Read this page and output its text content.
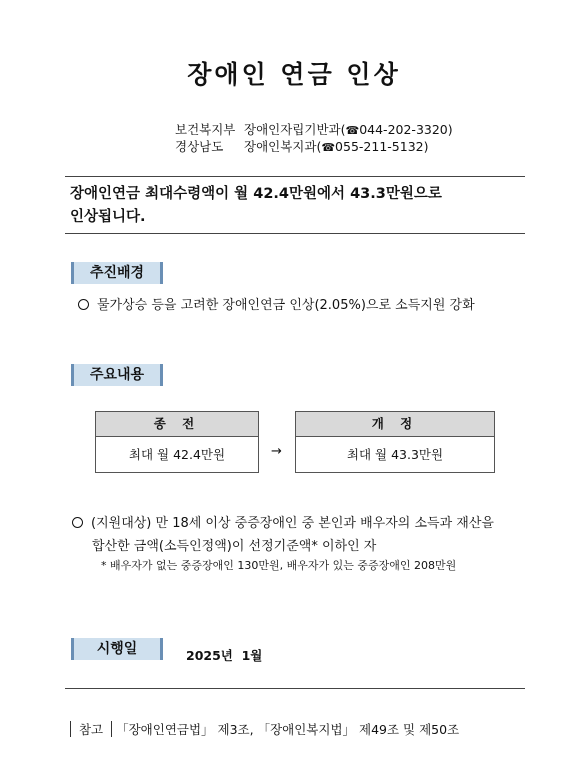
장애인 연금 인상
보건복지부 장애인자립기반과( ☎ 044-202-3320)
경상남도 장애인복지과( ☎ 055-211-5132)
장애인연금 최대수령액이 월 42.4만원에서 43.3만원으로
인상됩니다.
추진배경
물가상승 등을 고려한 장애인연금 인상(2.05%)으로 소득지원 강화
주요내용
종 전
최대 월 42.4만원	→
개 정
최대 월 43.3만원
(지원대상) 만 18세 이상 중증장애인 중 본인과 배우자의 소득과 재산을
합산한 금액(소득인정액)이 선정기준액* 이하인 자
* 배우자가 없는 중증장애인 130만원, 배우자가 있는 중증장애인 208만원
시행일	2025년  1월
참고 「장애인연금법」 제3조, 「장애인복지법」 제49조 및 제50조
